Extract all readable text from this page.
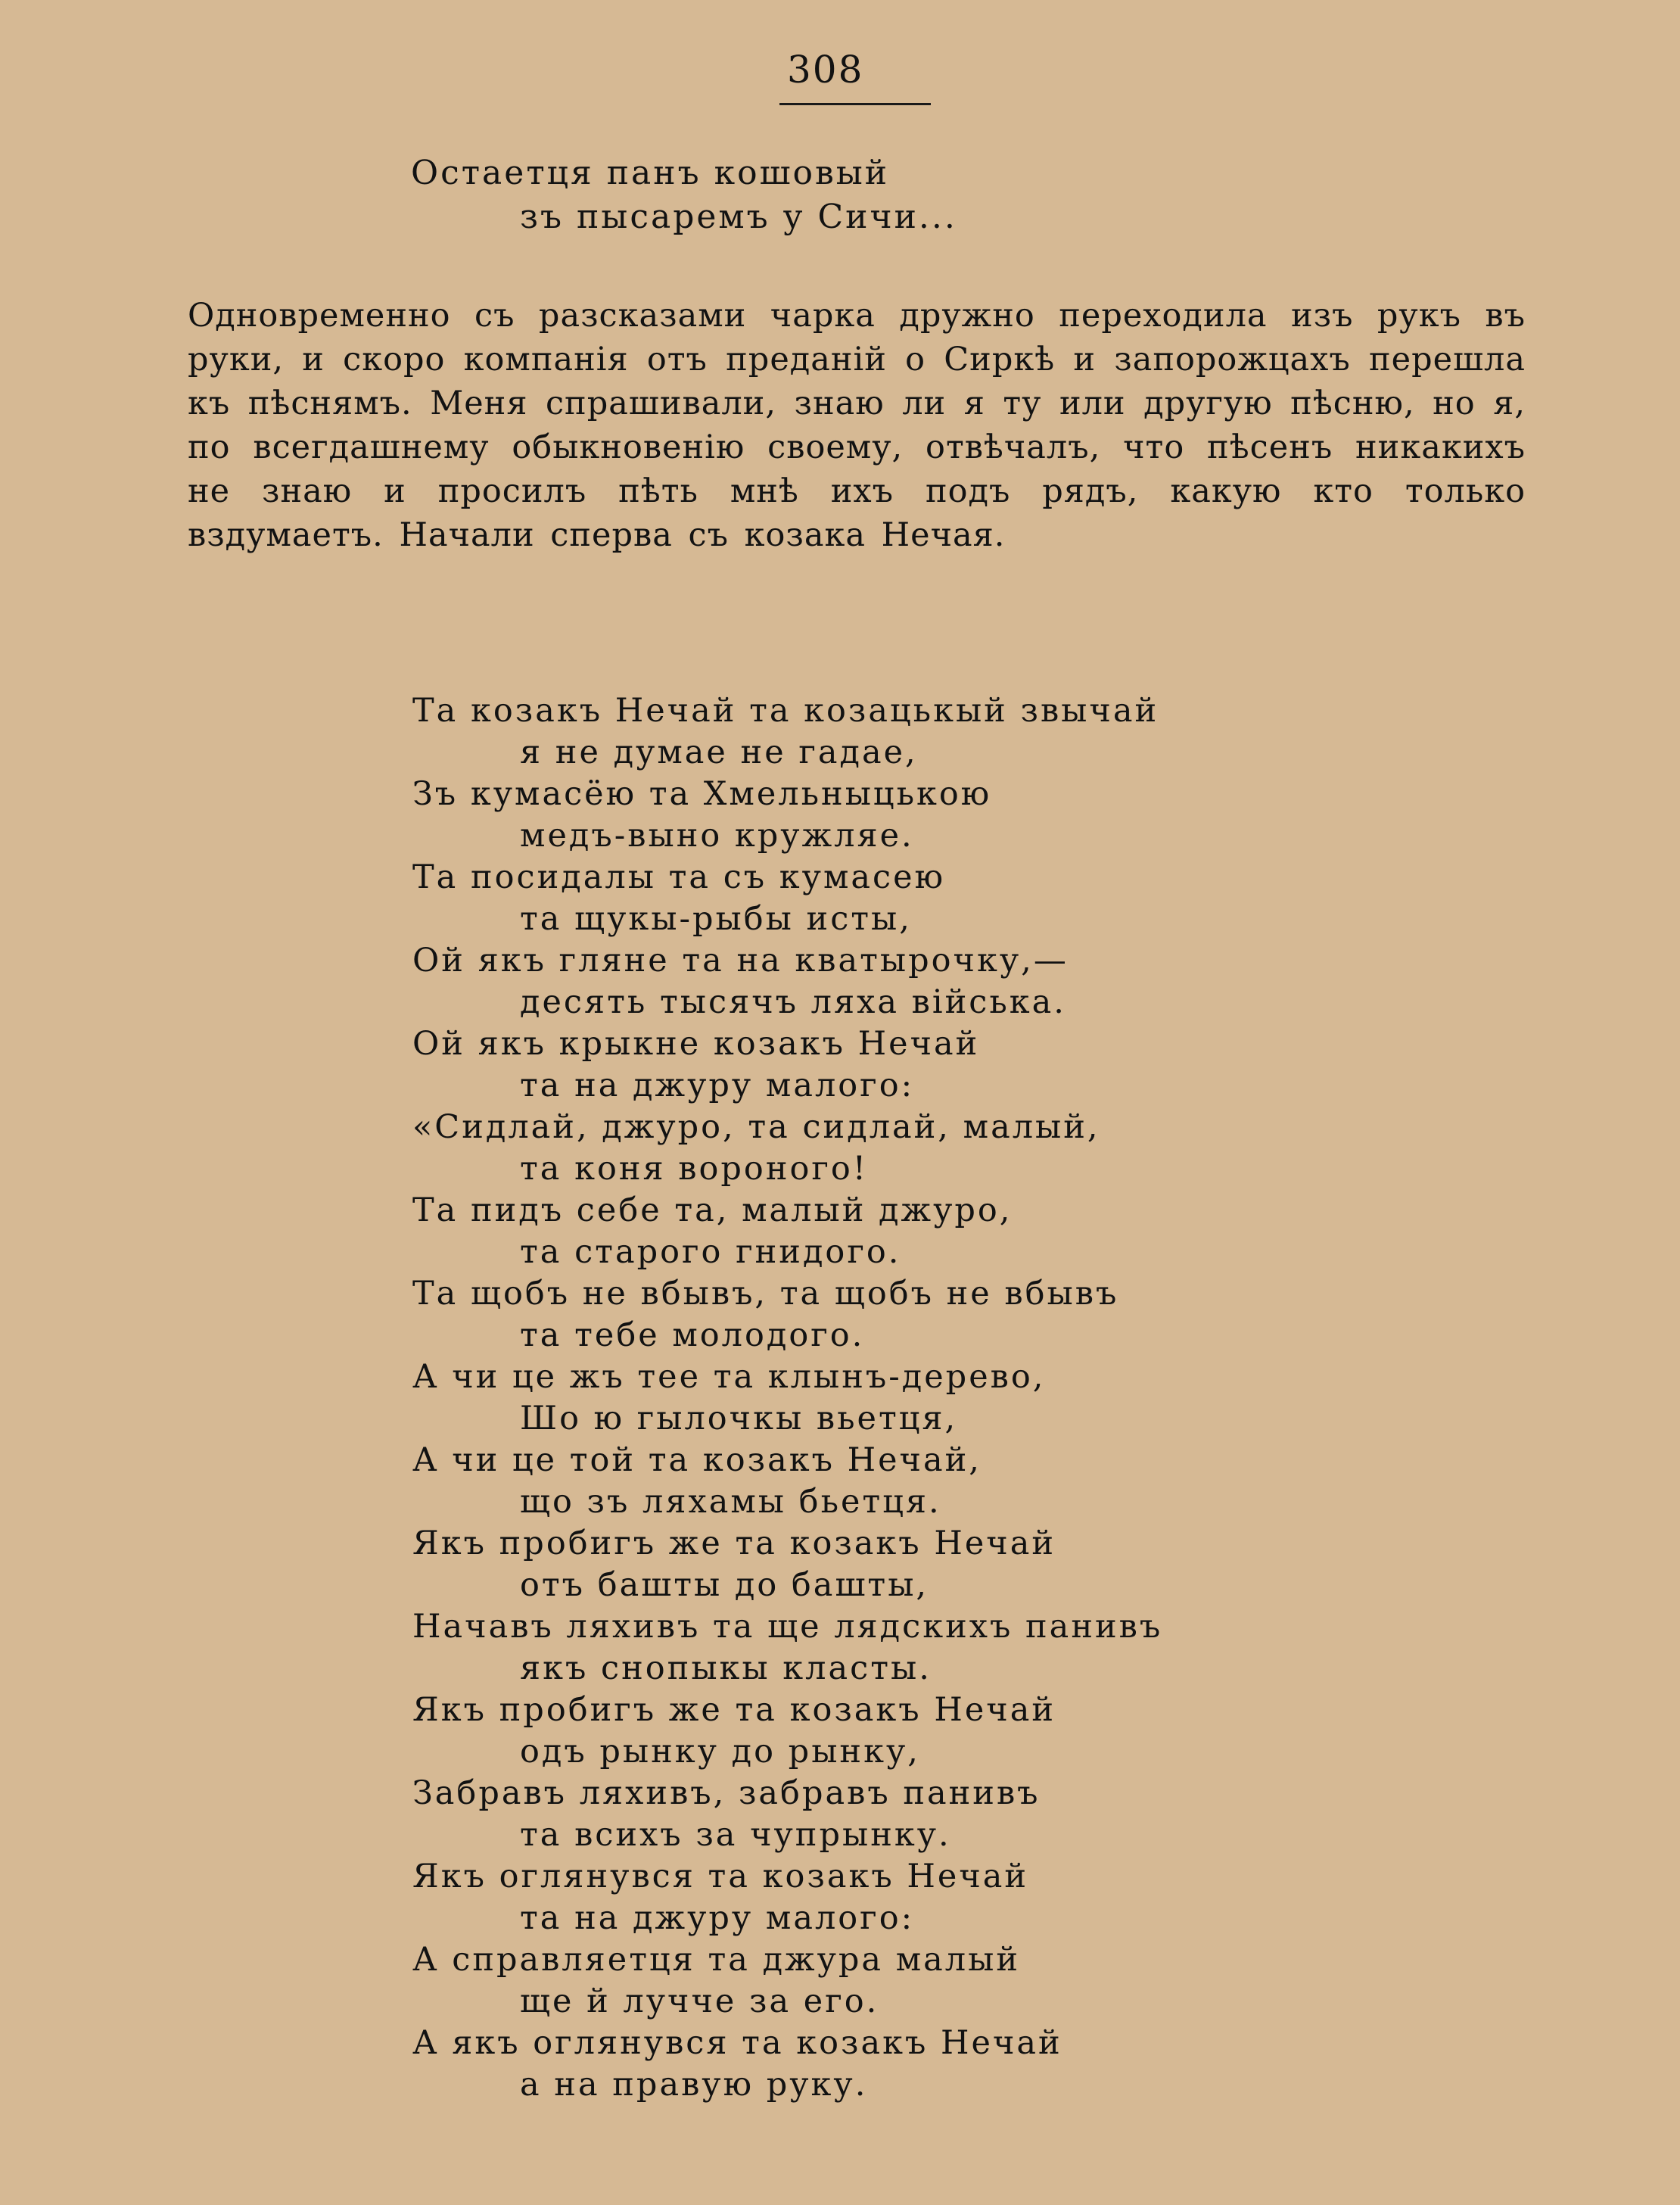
308
Остаетця панъ кошовый
зъ пысаремъ у Сичи...
Одновременно съ разсказами чарка дружно переходила изъ рукъ въ руки, и скоро компанія отъ преданій о Сиркѣ и запорожцахъ перешла къ пѣснямъ. Меня спрашивали, знаю ли я ту или другую пѣсню, но я, по всегдашнему обыкновенію своему, отвѣчалъ, что пѣсенъ никакихъ не знаю и просилъ пѣть мнѣ ихъ подъ рядъ, какую кто только вздумаетъ. Начали сперва съ козака Нечая.
Та козакъ Нечай та козацькый звычай
я не думае не гадае,
Зъ кумасёю та Хмельныцькою
медъ-выно кружляе.
Та посидалы та съ кумасею
та щукы-рыбы исты,
Ой якъ гляне та на кватырочку,—
десять тысячъ ляха війська.
Ой якъ крыкне козакъ Нечай
та на джуру малого:
«Сидлай, джуро, та сидлай, малый,
та коня вороного!
Та пидъ себе та, малый джуро,
та старого гнидого.
Та щобъ не вбывъ, та щобъ не вбывъ
та тебе молодого.
А чи це жъ тее та клынъ-дерево,
Шо ю гылочкы вьетця,
А чи це той та козакъ Нечай,
що зъ ляхамы бьетця.
Якъ пробигъ же та козакъ Нечай
отъ башты до башты,
Начавъ ляхивъ та ще лядскихъ панивъ
якъ снопыкы класты.
Якъ пробигъ же та козакъ Нечай
одъ рынку до рынку,
Забравъ ляхивъ, забравъ панивъ
та всихъ за чупрынку.
Якъ оглянувся та козакъ Нечай
та на джуру малого:
А справляетця та джура малый
ще й лучче за его.
А якъ оглянувся та козакъ Нечай
а на правую руку.
